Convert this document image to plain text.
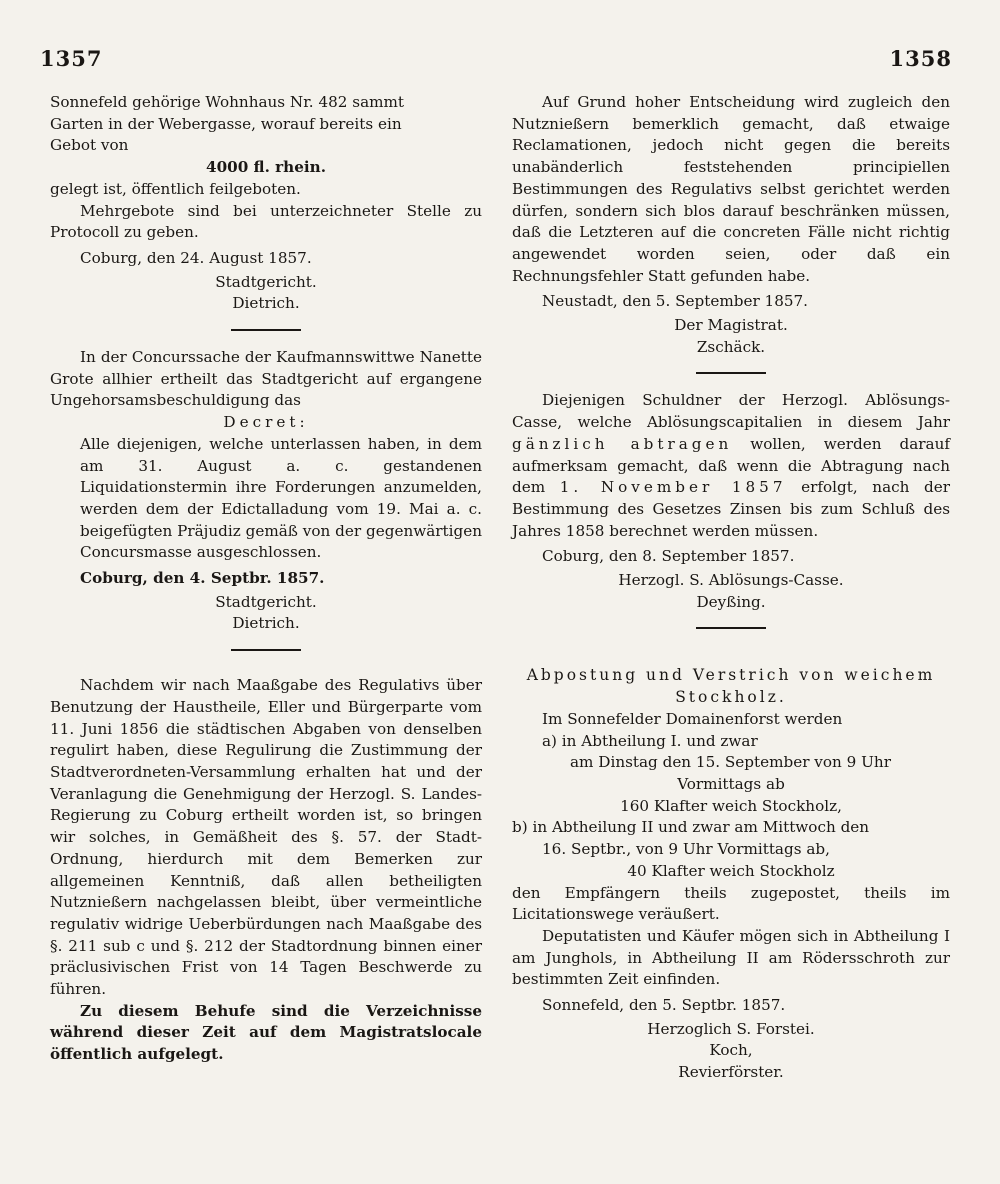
1357	1358

Sonnefeld gehörige Wohnhaus Nr. 482 sammt

Garten in der Webergasse, worauf bereits ein

Gebot von

4000 fl. rhein.

gelegt ist, öffentlich feilgeboten.

Mehrgebote sind bei unterzeichneter Stelle zu Protocoll zu geben.

Coburg, den 24. August 1857.

Stadtgericht.

Dietrich.

In der Concurssache der Kaufmannswittwe Nanette Grote allhier ertheilt das Stadtgericht auf ergangene Ungehorsamsbeschuldigung das

Decret:

Alle diejenigen, welche unterlassen haben, in dem am 31. August a. c. gestandenen Liquidationstermin ihre Forderungen anzumelden, werden dem der Edictalladung vom 19. Mai a. c. beigefügten Präjudiz gemäß von der gegenwärtigen Concursmasse ausgeschlossen.

Coburg, den 4. Septbr. 1857.

Stadtgericht.

Dietrich.

Nachdem wir nach Maaßgabe des Regulativs über Benutzung der Haustheile, Eller und Bürgerparte vom 11. Juni 1856 die städtischen Abgaben von denselben regulirt haben, diese Regulirung die Zustimmung der Stadtverordneten-Versammlung erhalten hat und der Veranlagung die Genehmigung der Herzogl. S. Landes-Regierung zu Coburg ertheilt worden ist, so bringen wir solches, in Gemäßheit des §. 57. der Stadt-Ordnung, hierdurch mit dem Bemerken zur allgemeinen Kenntniß, daß allen betheiligten Nutznießern nachgelassen bleibt, über vermeintliche regulativ widrige Ueberbürdungen nach Maaßgabe des §. 211 sub c und §. 212 der Stadtordnung binnen einer präclusivischen Frist von 14 Tagen Beschwerde zu führen.

Zu diesem Behufe sind die Verzeichnisse während dieser Zeit auf dem Magistratslocale öffentlich aufgelegt.

Auf Grund hoher Entscheidung wird zugleich den Nutznießern bemerklich gemacht, daß etwaige Reclamationen, jedoch nicht gegen die bereits unabänderlich feststehenden principiellen Bestimmungen des Regulativs selbst gerichtet werden dürfen, sondern sich blos darauf beschränken müssen, daß die Letzteren auf die concreten Fälle nicht richtig angewendet worden seien, oder daß ein Rechnungsfehler Statt gefunden habe.

Neustadt, den 5. September 1857.

Der Magistrat.

Zschäck.

Diejenigen Schuldner der Herzogl. Ablösungs-Casse, welche Ablösungscapitalien in diesem Jahr gänzlich abtragen wollen, werden darauf aufmerksam gemacht, daß wenn die Abtragung nach dem 1. November 1857 erfolgt, nach der Bestimmung des Gesetzes Zinsen bis zum Schluß des Jahres 1858 berechnet werden müssen.

Coburg, den 8. September 1857.

Herzogl. S. Ablösungs-Casse.

Deyßing.

Abpostung und Verstrich von weichem Stockholz.

Im Sonnefelder Domainenforst werden

a) in Abtheilung I. und zwar

am Dinstag den 15. September von 9 Uhr

Vormittags ab

160 Klafter weich Stockholz,

b) in Abtheilung II und zwar am Mittwoch den

16. Septbr., von 9 Uhr Vormittags ab,

40 Klafter weich Stockholz

den Empfängern theils zugepostet, theils im Licitationswege veräußert.

Deputatisten und Käufer mögen sich in Abtheilung I am Junghols, in Abtheilung II am Rödersschroth zur bestimmten Zeit einfinden.

Sonnefeld, den 5. Septbr. 1857.

Herzoglich S. Forstei.

Koch,

Revierförster.
